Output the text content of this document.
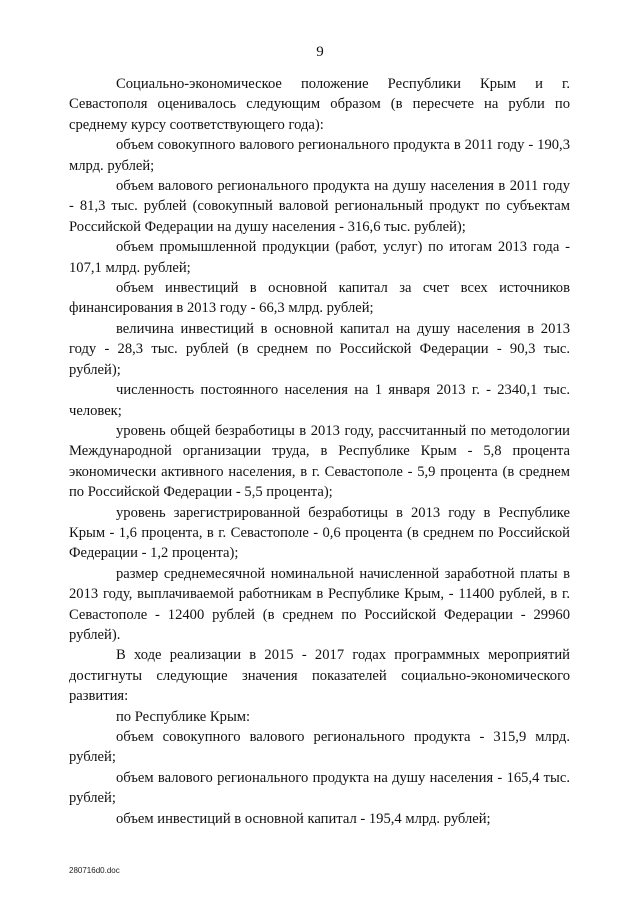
9

Социально-экономическое положение Республики Крым и г. Севастополя оценивалось следующим образом (в пересчете на рубли по среднему курсу соответствующего года):

объем совокупного валового регионального продукта в 2011 году - 190,3 млрд. рублей;

объем валового регионального продукта на душу населения в 2011 году - 81,3 тыс. рублей (совокупный валовой региональный продукт по субъектам Российской Федерации на душу населения - 316,6 тыс. рублей);

объем промышленной продукции (работ, услуг) по итогам 2013 года - 107,1 млрд. рублей;

объем инвестиций в основной капитал за счет всех источников финансирования в 2013 году - 66,3 млрд. рублей;

величина инвестиций в основной капитал на душу населения в 2013 году - 28,3 тыс. рублей (в среднем по Российской Федерации - 90,3 тыс. рублей);

численность постоянного населения на 1 января 2013 г. - 2340,1 тыс. человек;

уровень общей безработицы в 2013 году, рассчитанный по методологии Международной организации труда, в Республике Крым - 5,8 процента экономически активного населения, в г. Севастополе - 5,9 процента (в среднем по Российской Федерации - 5,5 процента);

уровень зарегистрированной безработицы в 2013 году в Республике Крым - 1,6 процента, в г. Севастополе - 0,6 процента (в среднем по Российской Федерации - 1,2 процента);

размер среднемесячной номинальной начисленной заработной платы в 2013 году, выплачиваемой работникам в Республике Крым, - 11400 рублей, в г. Севастополе - 12400 рублей (в среднем по Российской Федерации - 29960 рублей).

В ходе реализации в 2015 - 2017 годах программных мероприятий достигнуты следующие значения показателей социально-экономического развития:

по Республике Крым:

объем совокупного валового регионального продукта - 315,9 млрд. рублей;

объем валового регионального продукта на душу населения - 165,4 тыс. рублей;

объем инвестиций в основной капитал - 195,4 млрд. рублей;

280716d0.doc
